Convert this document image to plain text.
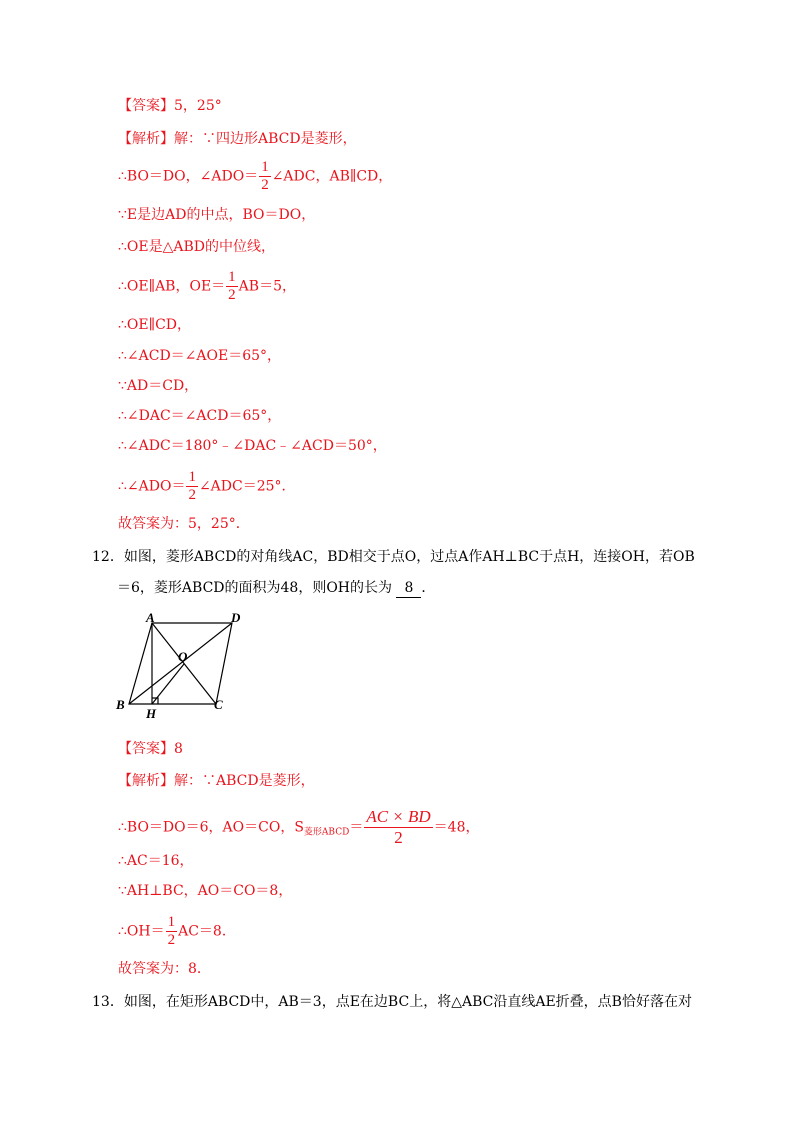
【答案】5，25°
【解析】解：∵四边形ABCD是菱形，
∴BO＝DO，∠ADO＝ $\frac{1}{2}$ ∠ADC，AB∥CD，
∵E是边AD的中点，BO＝DO，
∴OE是△ABD的中位线，
∴OE∥AB，$OE= \frac{1}{2} AB=5$，
∴OE∥CD，
∴∠ACD＝∠AOE＝65°，
∵AD＝CD，
∴∠DAC＝∠ACD＝65°，
∴∠ADC＝180°﹣∠DAC﹣∠ACD＝50°，
∴∠ADO＝ $\frac{1}{2}$ ∠ADC＝25°．
故答案为：5，25°．
12．如图，菱形ABCD的对角线AC，BD相交于点O，过点A作AH⊥BC于点H，连接OH，若OB
＝6，菱形ABCD的面积为48，则OH的长为 8 ．
A	D
O
B
H
C
【答案】8
【解析】解：∵ABCD是菱形，
∴BO＝DO＝6，AO＝CO，$S_{菱形ABCD}= \frac{AC \times BD}{2} =48$，
∴AC＝16，
∵AH⊥BC，AO＝CO＝8，
∴OH＝ $\frac{1}{2} AC=8$．
故答案为：8．
13．如图，在矩形ABCD中，AB＝3，点E在边BC上，将△ABC沿直线AE折叠，点B恰好落在对
